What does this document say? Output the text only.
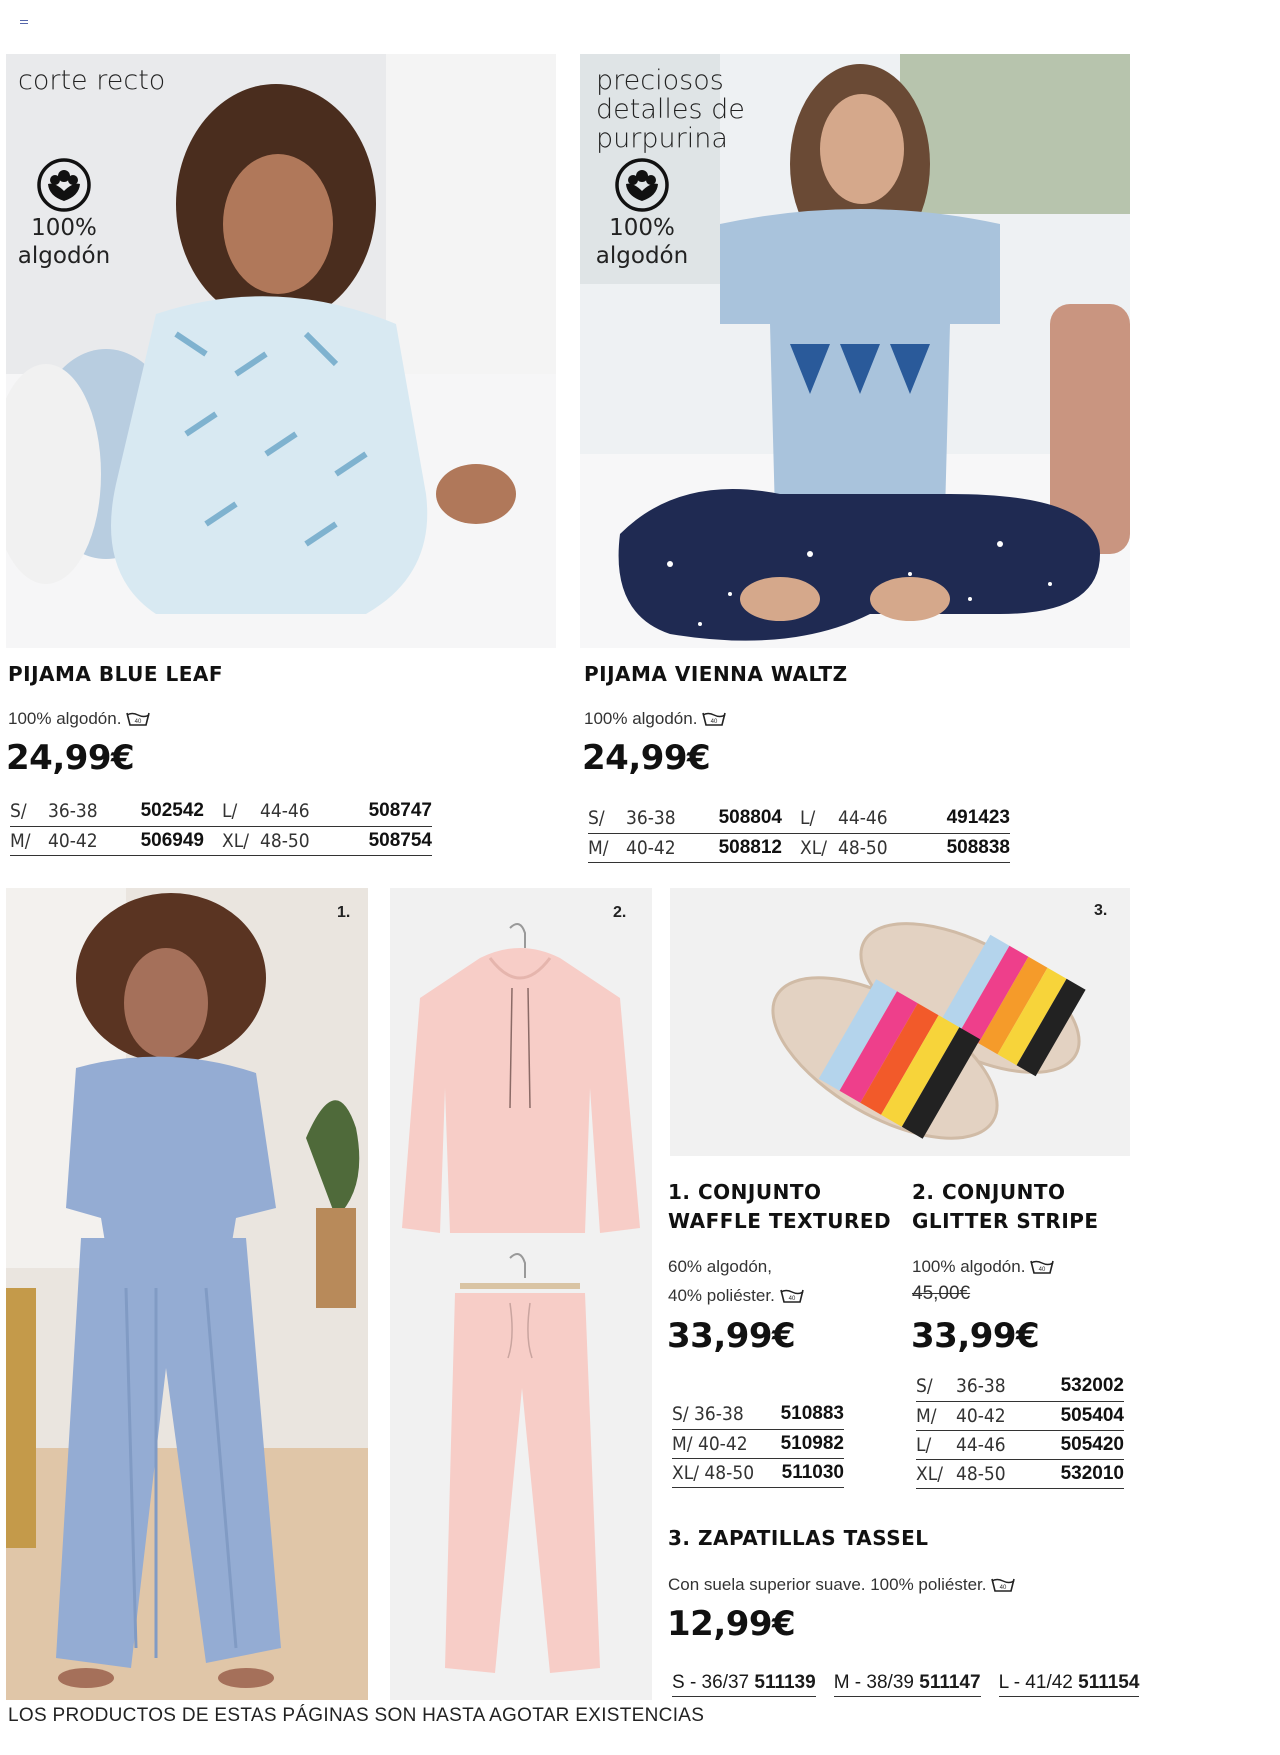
corte recto
100%
algodón
preciosos
detalles de
purpurina
100%
algodón
PIJAMA BLUE LEAF
100% algodón. 40
24,99€
S/	36-38	502542	L/	44-46	508747
M/	40-42	506949	XL/	48-50	508754
PIJAMA VIENNA WALTZ
100% algodón. 40
24,99€
S/	36-38	508804	L/	44-46	491423
M/	40-42	508812	XL/	48-50	508838
1.	2.	3.
1. CONJUNTO
WAFFLE TEXTURED
60% algodón,
40% poliéster. 40
33,99€
S/ 36-38	510883
M/ 40-42	510982
XL/ 48-50	511030
2. CONJUNTO
GLITTER STRIPE
100% algodón. 40
45,00€
33,99€
S/	36-38	532002
M/	40-42	505404
L/	44-46	505420
XL/	48-50	532010
3. ZAPATILLAS TASSEL
Con suela superior suave. 100% poliéster. 40
12,99€
S - 36/37 511139 M - 38/39 511147 L - 41/42 511154
LOS PRODUCTOS DE ESTAS PÁGINAS SON HASTA AGOTAR EXISTENCIAS
